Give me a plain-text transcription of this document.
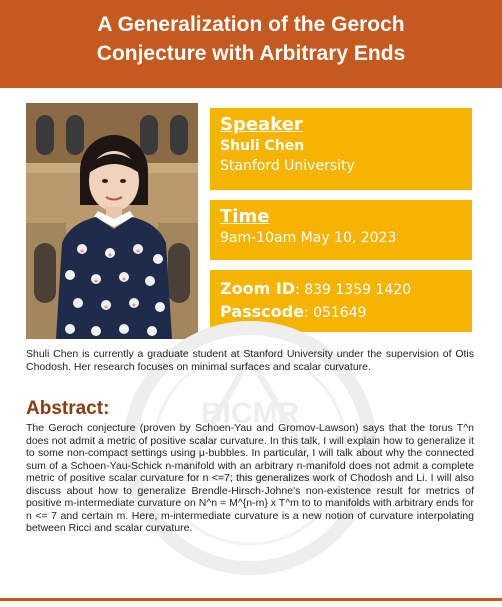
A Generalization of the Geroch
Conjecture with Arbitrary Ends
Speaker
Shuli Chen
Stanford University
Time
9am-10am May 10, 2023
Zoom ID: 839 1359 1420
Passcode: 051649
BICMR
Shuli Chen is currently a graduate student at Stanford University under the supervision of Otis Chodosh. Her research focuses on minimal surfaces and scalar curvature.
Abstract:
The Geroch conjecture (proven by Schoen-Yau and Gromov-Lawson) says that the torus T^n does not admit a metric of positive scalar curvature. In this talk, I will explain how to generalize it to some non-compact settings using μ-bubbles. In particular, I will talk about why the connected sum of a Schoen-Yau-Schick n-manifold with an arbitrary n-manifold does not admit a complete metric of positive scalar curvature for n <=7; this generalizes work of Chodosh and Li. I will also discuss about how to generalize Brendle-Hirsch-Johne's non-existence result for metrics of positive m-intermediate curvature on N^n = M^{n-m} x T^m to to manifolds with arbitrary ends for n <= 7 and certain m. Here, m-intermediate curvature is a new notion of curvature interpolating between Ricci and scalar curvature.
